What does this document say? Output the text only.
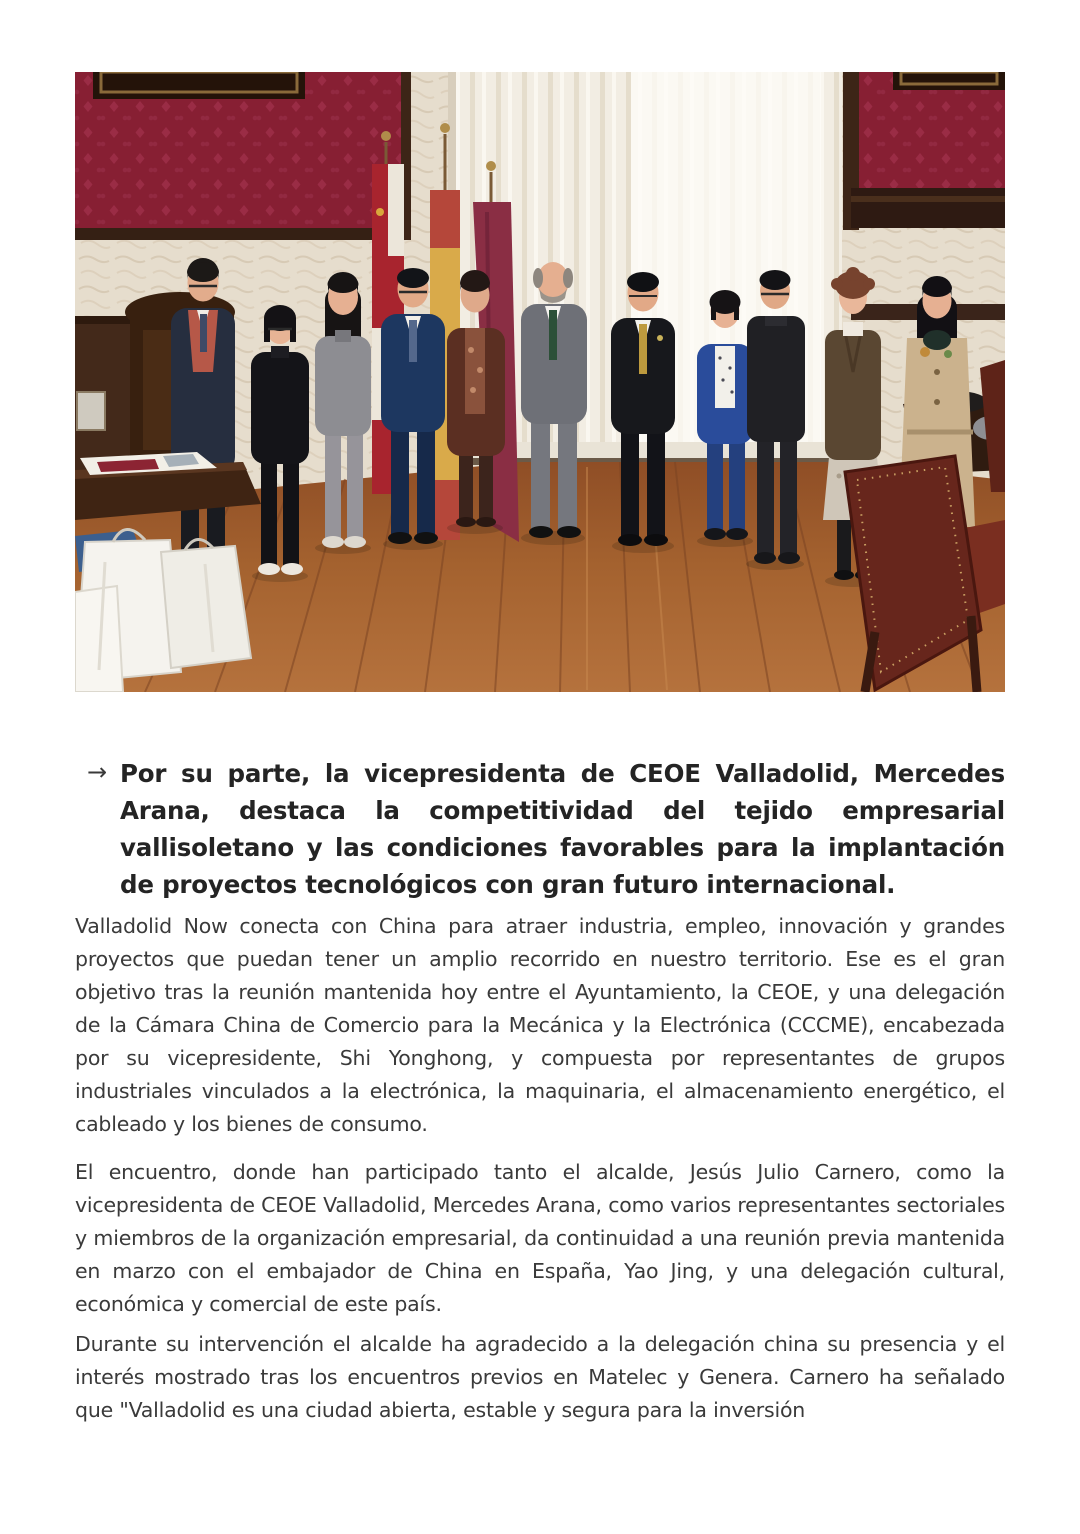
→ Por su parte, la vicepresidenta de CEOE Valladolid, Mercedes Arana, destaca la competitividad del tejido empresarial vallisoletano y las condiciones favorables para la implantación de proyectos tecnológicos con gran futuro internacional.

Valladolid Now conecta con China para atraer industria, empleo, innovación y grandes proyectos que puedan tener un amplio recorrido en nuestro territorio. Ese es el gran objetivo tras la reunión mantenida hoy entre el Ayuntamiento, la CEOE, y una delegación de la Cámara China de Comercio para la Mecánica y la Electrónica (CCCME), encabezada por su vicepresidente, Shi Yonghong, y compuesta por representantes de grupos industriales vinculados a la electrónica, la maquinaria, el almacenamiento energético, el cableado y los bienes de consumo.

El encuentro, donde han participado tanto el alcalde, Jesús Julio Carnero, como la vicepresidenta de CEOE Valladolid, Mercedes Arana, como varios representantes sectoriales y miembros de la organización empresarial, da continuidad a una reunión previa mantenida en marzo con el embajador de China en España, Yao Jing, y una delegación cultural, económica y comercial de este país.

Durante su intervención el alcalde ha agradecido a la delegación china su presencia y el interés mostrado tras los encuentros previos en Matelec y Genera. Carnero ha señalado que "Valladolid es una ciudad abierta, estable y segura para la inversión
